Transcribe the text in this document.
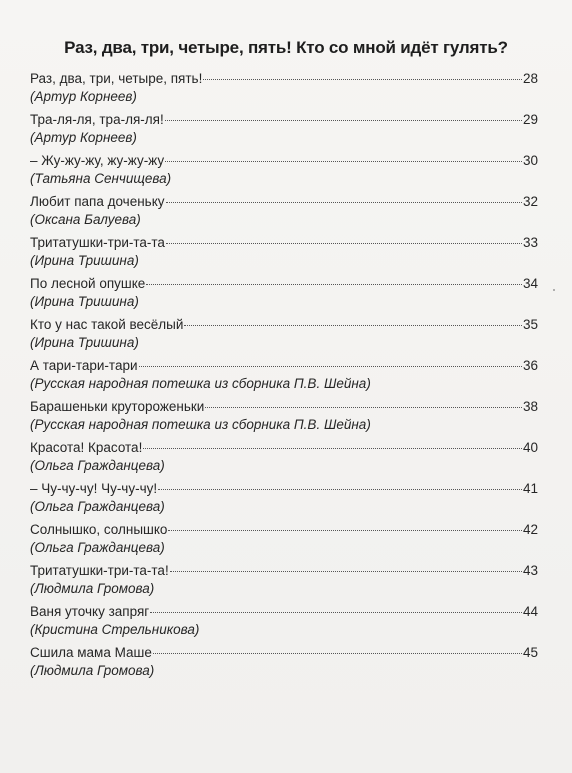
Раз, два, три, четыре, пять! Кто со мной идёт гулять?
Раз, два, три, четыре, пять!	28
(Артур Корнеев)
Тра-ля-ля, тра-ля-ля!	29
(Артур Корнеев)
– Жу-жу-жу, жу-жу-жу	30
(Татьяна Сенчищева)
Любит папа доченьку	32
(Оксана Балуева)
Тритатушки-три-та-та	33
(Ирина Тришина)
По лесной опушке	34
(Ирина Тришина)
Кто у нас такой весёлый	35
(Ирина Тришина)
А тари-тари-тари	36
(Русская народная потешка из сборника П.В. Шейна)
Барашеньки крутороженьки	38
(Русская народная потешка из сборника П.В. Шейна)
Красота! Красота!	40
(Ольга Гражданцева)
– Чу-чу-чу! Чу-чу-чу!	41
(Ольга Гражданцева)
Солнышко, солнышко	42
(Ольга Гражданцева)
Тритатушки-три-та-та!	43
(Людмила Громова)
Ваня уточку запряг	44
(Кристина Стрельникова)
Сшила мама Маше	45
(Людмила Громова)
